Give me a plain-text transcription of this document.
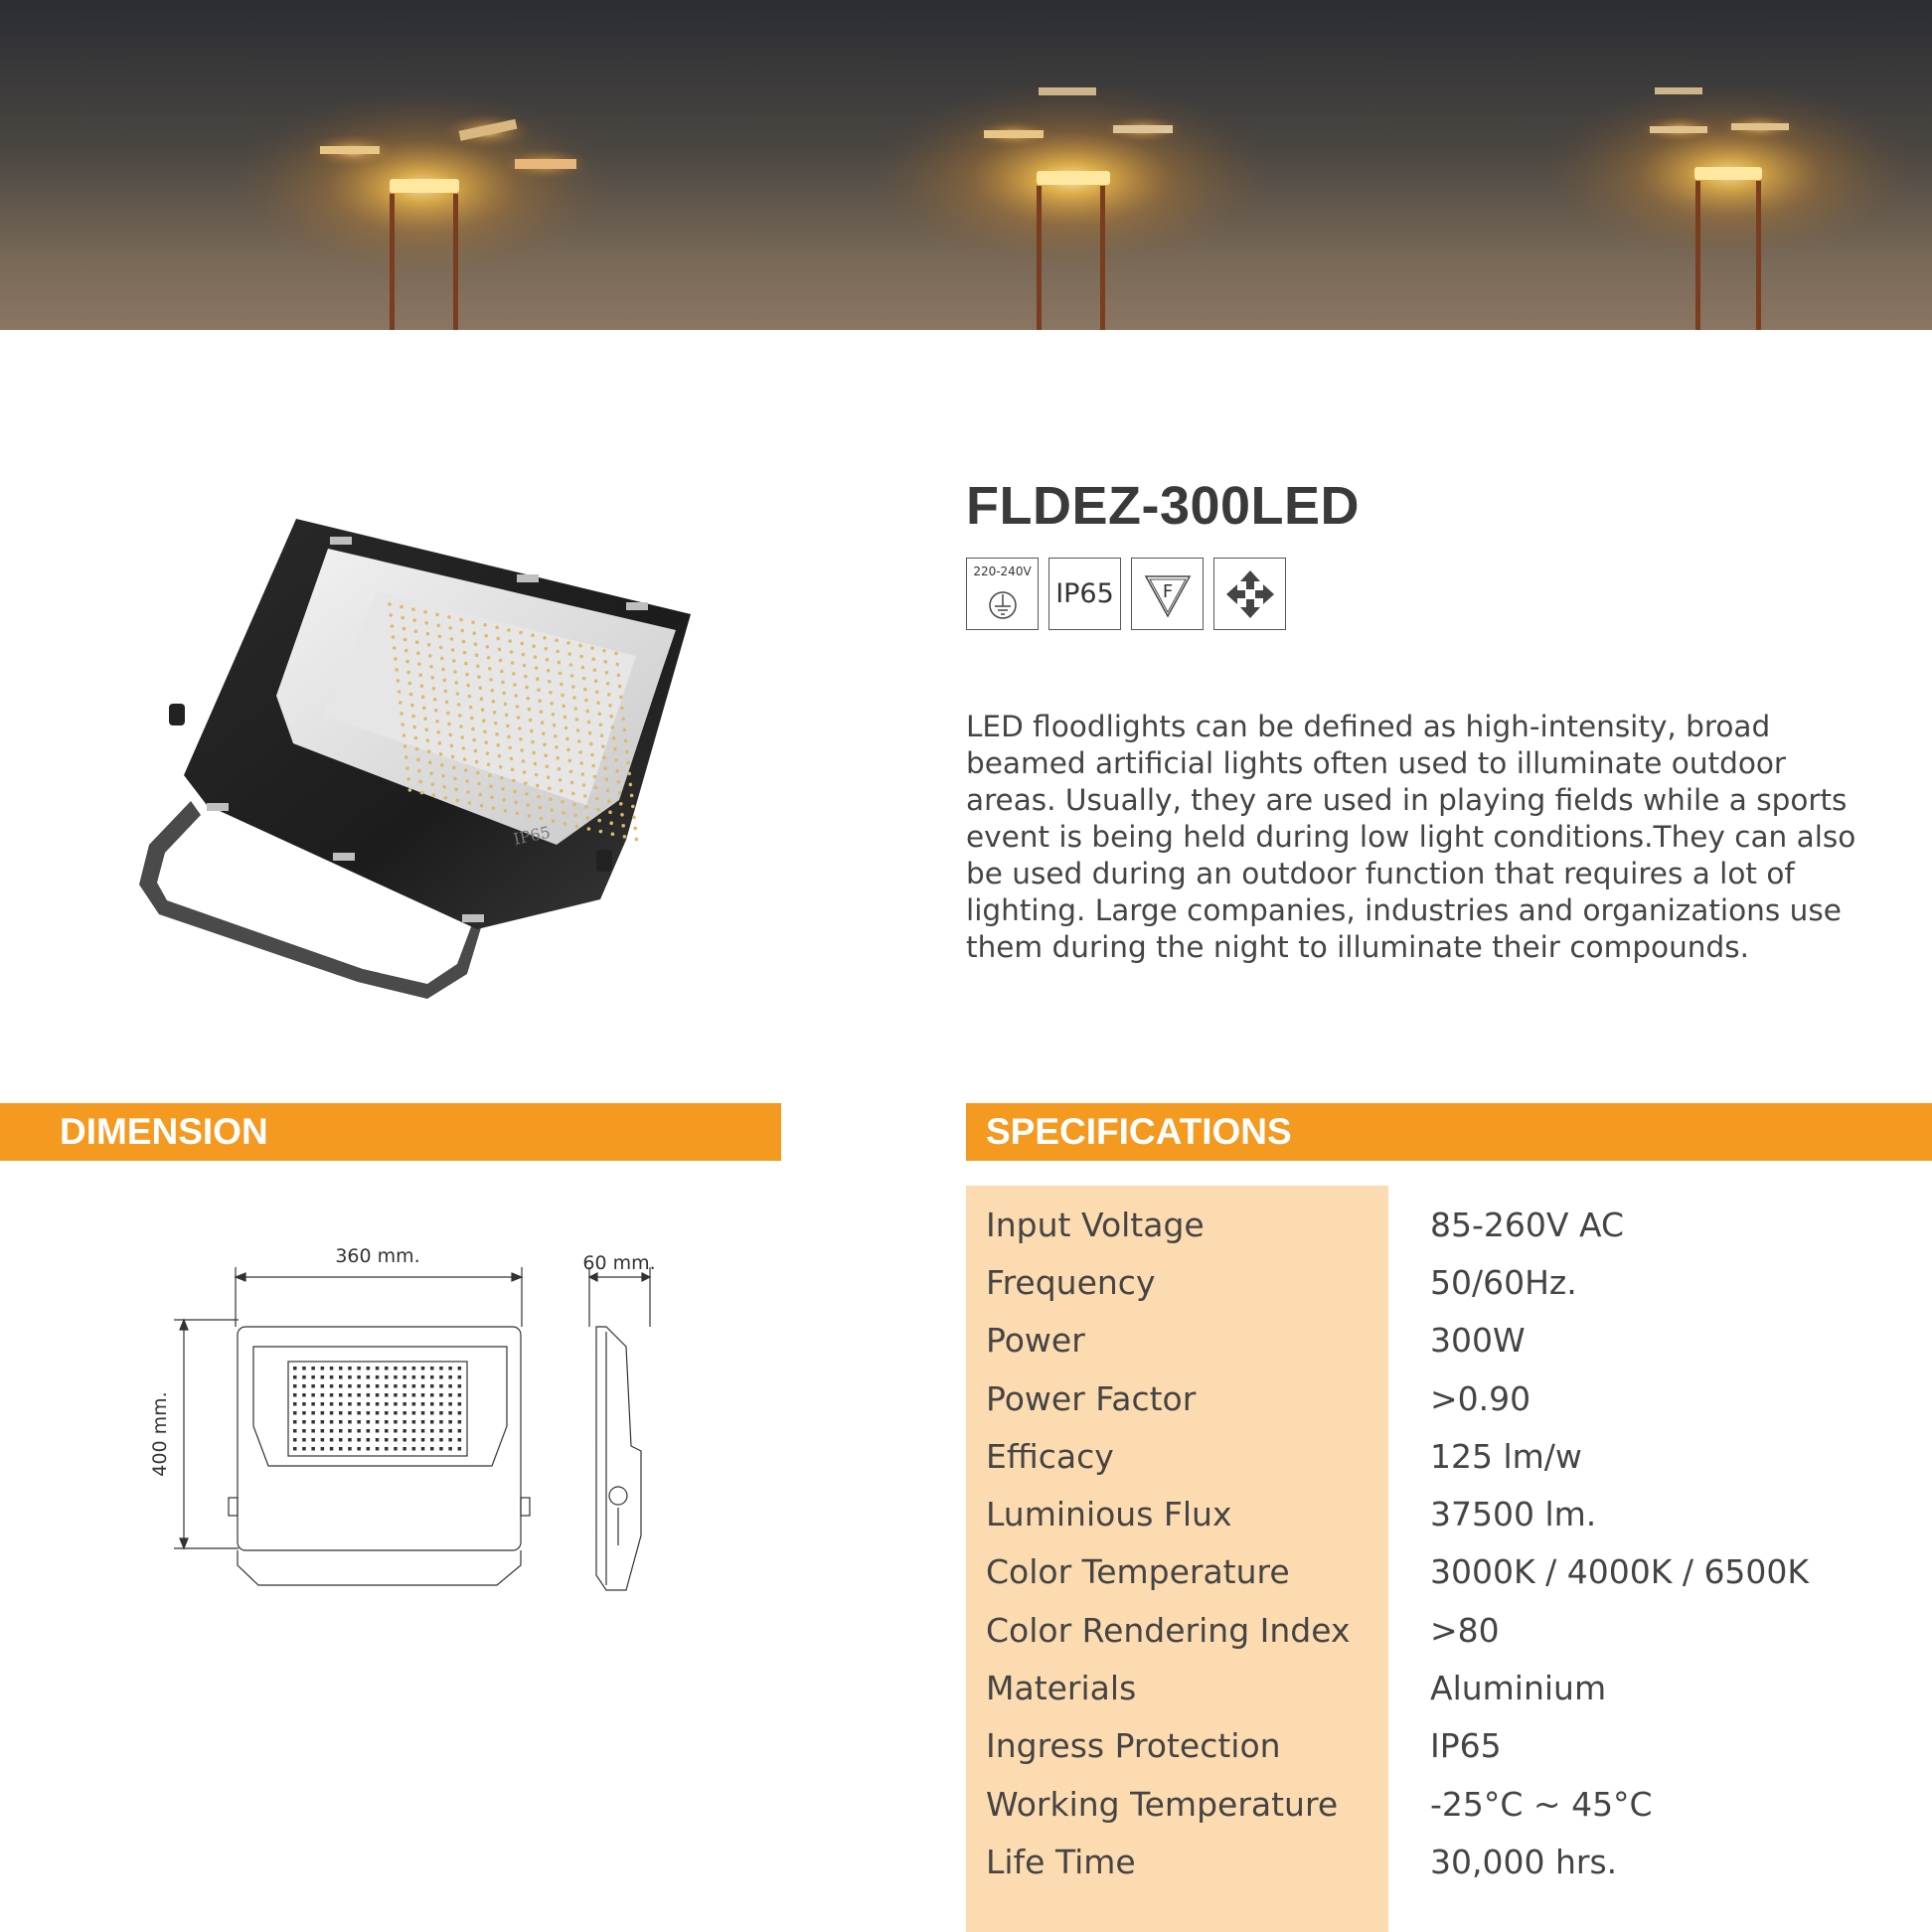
IP65
FLDEZ-300LED
220-240V
IP65	F

LED floodlights can be defined as high-intensity, broad beamed artificial lights often used to illuminate outdoor areas. Usually, they are used in playing fields while a sports event is being held during low light conditions.They can also be used during an outdoor function that requires a lot of lighting. Large companies, industries and organizations use them during the night to illuminate their compounds.

DIMENSION	SPECIFICATIONS
360 mm.	60 mm.
400 mm.
Input Voltage	85-260V AC
Frequency	50/60Hz.
Power	300W
Power Factor	>0.90
Efficacy	125 lm/w
Luminious Flux	37500 lm.
Color Temperature	3000K / 4000K / 6500K
Color Rendering Index	>80
Materials	Aluminium
Ingress Protection	IP65
Working Temperature	-25°C ~ 45°C
Life Time	30,000 hrs.
